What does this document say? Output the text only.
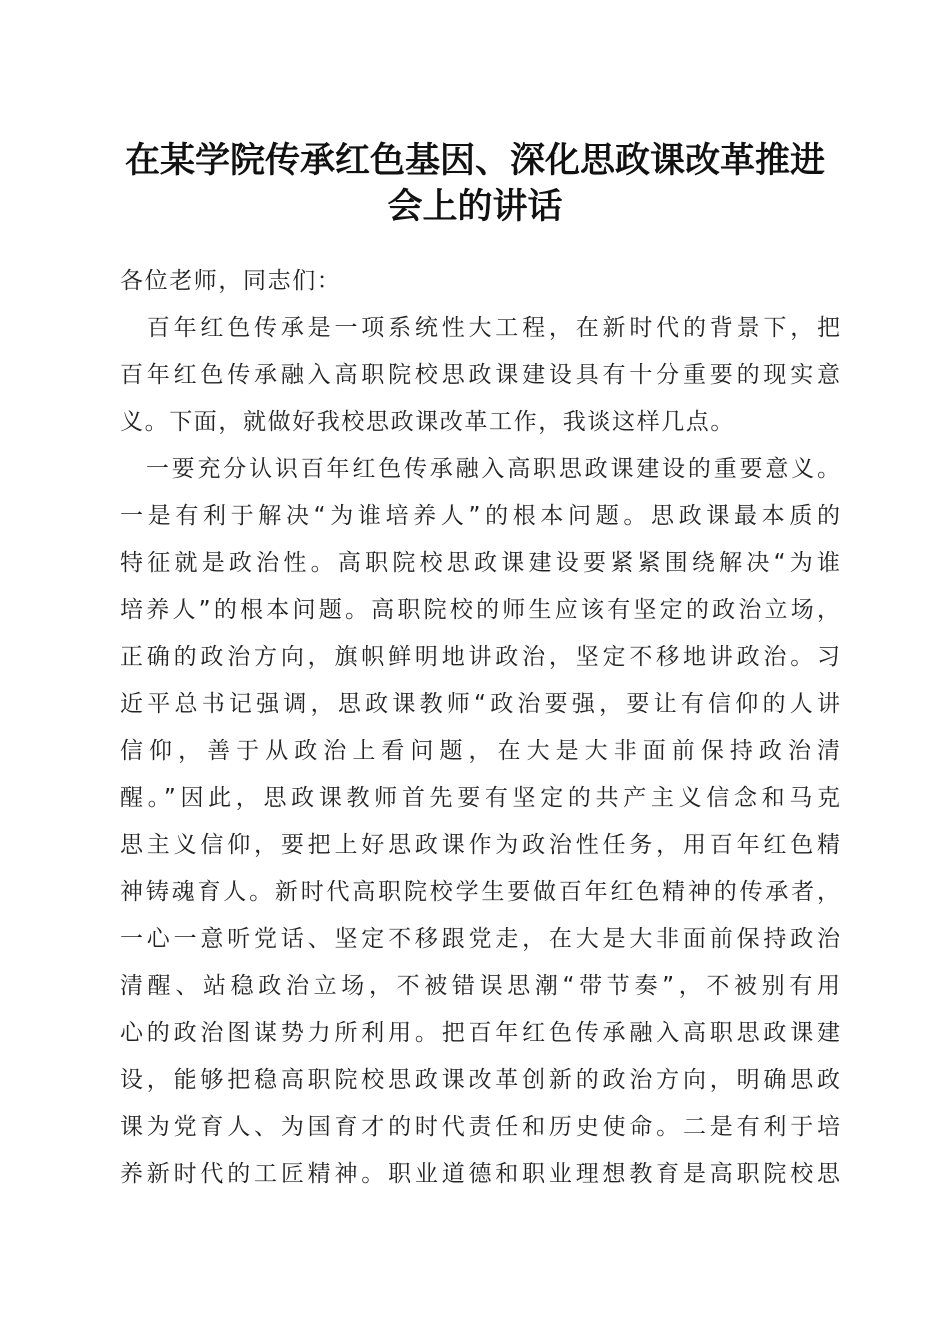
在某学院传承红色基因、深化思政课改革推进
会上的讲话
各位老师，同志们：
　百年红色传承是一项系统性大工程，在新时代的背景下，把
百年红色传承融入高职院校思政课建设具有十分重要的现实意
义。下面，就做好我校思政课改革工作，我谈这样几点。
　一要充分认识百年红色传承融入高职思政课建设的重要意义。
一是有利于解决“为谁培养人”的根本问题。思政课最本质的
特征就是政治性。高职院校思政课建设要紧紧围绕解决“为谁
培养人”的根本问题。高职院校的师生应该有坚定的政治立场，
正确的政治方向，旗帜鲜明地讲政治，坚定不移地讲政治。习
近平总书记强调，思政课教师“政治要强，要让有信仰的人讲
信仰，善于从政治上看问题，在大是大非面前保持政治清
醒。”因此，思政课教师首先要有坚定的共产主义信念和马克
思主义信仰，要把上好思政课作为政治性任务，用百年红色精
神铸魂育人。新时代高职院校学生要做百年红色精神的传承者，
一心一意听党话、坚定不移跟党走，在大是大非面前保持政治
清醒、站稳政治立场，不被错误思潮“带节奏”，不被别有用
心的政治图谋势力所利用。把百年红色传承融入高职思政课建
设，能够把稳高职院校思政课改革创新的政治方向，明确思政
课为党育人、为国育才的时代责任和历史使命。二是有利于培
养新时代的工匠精神。职业道德和职业理想教育是高职院校思
